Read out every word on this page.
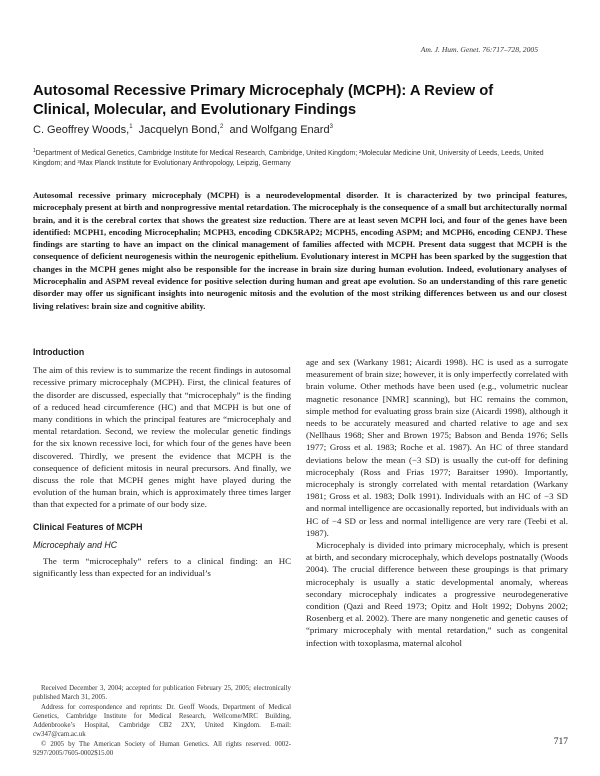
Am. J. Hum. Genet. 76:717–728, 2005
Autosomal Recessive Primary Microcephaly (MCPH): A Review of Clinical, Molecular, and Evolutionary Findings
C. Geoffrey Woods,$^1$ Jacquelyn Bond,$^2$ and Wolfgang Enard$^3$
$^1$Department of Medical Genetics, Cambridge Institute for Medical Research, Cambridge, United Kingdom; ²Molecular Medicine Unit, University of Leeds, Leeds, United Kingdom; and ³Max Planck Institute for Evolutionary Anthropology, Leipzig, Germany

Autosomal recessive primary microcephaly (MCPH) is a neurodevelopmental disorder. It is characterized by two principal features, microcephaly present at birth and nonprogressive mental retardation. The microcephaly is the consequence of a small but architecturally normal brain, and it is the cerebral cortex that shows the greatest size reduction. There are at least seven MCPH loci, and four of the genes have been identified: MCPH1, encoding Microcephalin; MCPH3, encoding CDK5RAP2; MCPH5, encoding ASPM; and MCPH6, encoding CENPJ. These findings are starting to have an impact on the clinical management of families affected with MCPH. Present data suggest that MCPH is the consequence of deficient neurogenesis within the neurogenic epithelium. Evolutionary interest in MCPH has been sparked by the suggestion that changes in the MCPH genes might also be responsible for the increase in brain size during human evolution. Indeed, evolutionary analyses of Microcephalin and ASPM reveal evidence for positive selection during human and great ape evolution. So an understanding of this rare genetic disorder may offer us significant insights into neurogenic mitosis and the evolution of the most striking differences between us and our closest living relatives: brain size and cognitive ability.

Introduction

The aim of this review is to summarize the recent findings in autosomal recessive primary microcephaly (MCPH). First, the clinical features of the disorder are discussed, especially that “microcephaly” is the finding of a reduced head circumference (HC) and that MCPH is but one of many conditions in which the principal features are “microcephaly and mental retardation. Second, we review the molecular genetic findings for the six known recessive loci, for which four of the genes have been discovered. Thirdly, we present the evidence that MCPH is the consequence of deficient mitosis in neural precursors. And finally, we discuss the role that MCPH genes might have played during the evolution of the human brain, which is approximately three times larger than that expected for a primate of our body size.

Clinical Features of MCPH
Microcephaly and HC

The term “microcephaly” refers to a clinical finding: an HC significantly less than expected for an individual’s

age and sex (Warkany 1981; Aicardi 1998). HC is used as a surrogate measurement of brain size; however, it is only imperfectly correlated with brain volume. Other methods have been used (e.g., volumetric nuclear magnetic resonance [NMR] scanning), but HC remains the common, simple method for evaluating gross brain size (Aicardi 1998), although it needs to be accurately measured and charted relative to age and sex (Nellhaus 1968; Sher and Brown 1975; Babson and Benda 1976; Sells 1977; Gross et al. 1983; Roche et al. 1987). An HC of three standard deviations below the mean (−3 SD) is usually the cut-off for defining microcephaly (Ross and Frias 1977; Baraitser 1990). Importantly, microcephaly is strongly correlated with mental retardation (Warkany 1981; Gross et al. 1983; Dolk 1991). Individuals with an HC of −3 SD and normal intelligence are occasionally reported, but individuals with an HC of −4 SD or less and normal intelligence are very rare (Teebi et al. 1987).

Microcephaly is divided into primary microcephaly, which is present at birth, and secondary microcephaly, which develops postnatally (Woods 2004). The crucial difference between these groupings is that primary microcephaly is usually a static developmental anomaly, whereas secondary microcephaly indicates a progressive neurodegenerative condition (Qazi and Reed 1973; Opitz and Holt 1992; Dobyns 2002; Rosenberg et al. 2002). There are many nongenetic and genetic causes of “primary microcephaly with mental retardation,” such as congenital infection with toxoplasma, maternal alcohol

Received December 3, 2004; accepted for publication February 25, 2005; electronically published March 31, 2005.

Address for correspondence and reprints: Dr. Geoff Woods, Department of Medical Genetics, Cambridge Institute for Medical Research, Wellcome/MRC Building, Addenbrooke’s Hospital, Cambridge CB2 2XY, United Kingdom. E-mail: cw347@cam.ac.uk

© 2005 by The American Society of Human Genetics. All rights reserved. 0002-9297/2005/7605-0002$15.00

717
